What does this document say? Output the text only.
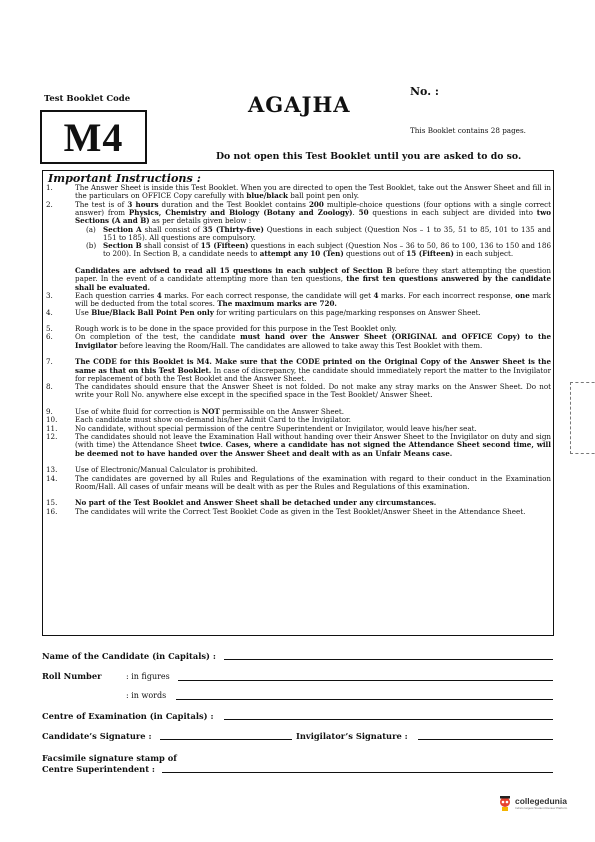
Test Booklet Code
M4
AGAJHA
No. :
This Booklet contains 28 pages.
Do not open this Test Booklet until you are asked to do so.
1.	The Answer Sheet is inside this Test Booklet. When you are directed to open the Test Booklet, take out the Answer Sheet and fill in the particulars on OFFICE Copy carefully with blue/black ball point pen only.
2.	The test is of 3 hours duration and the Test Booklet contains 200 multiple-choice questions (four options with a single correct answer) from Physics, Chemistry and Biology (Botany and Zoology). 50 questions in each subject are divided into two Sections (A and B) as per details given below :
(a) Section A shall consist of 35 (Thirty-five) Questions in each subject (Question Nos – 1 to 35, 51 to 85, 101 to 135 and 151 to 185). All questions are compulsory.
(b) Section B shall consist of 15 (Fifteen) questions in each subject (Question Nos – 36 to 50, 86 to 100, 136 to 150 and 186 to 200). In Section B, a candidate needs to attempt any 10 (Ten) questions out of 15 (Fifteen) in each subject.
Candidates are advised to read all 15 questions in each subject of Section B before they start attempting the question paper. In the event of a candidate attempting more than ten questions, the first ten questions answered by the candidate shall be evaluated.
3.	Each question carries 4 marks. For each correct response, the candidate will get 4 marks. For each incorrect response, one mark will be deducted from the total scores. The maximum marks are 720.
4.	Use Blue/Black Ball Point Pen only for writing particulars on this page/marking responses on Answer Sheet.
5.	Rough work is to be done in the space provided for this purpose in the Test Booklet only.
6.	On completion of the test, the candidate must hand over the Answer Sheet (ORIGINAL and OFFICE Copy) to the Invigilator before leaving the Room/Hall. The candidates are allowed to take away this Test Booklet with them.
7.	The CODE for this Booklet is M4. Make sure that the CODE printed on the Original Copy of the Answer Sheet is the same as that on this Test Booklet. In case of discrepancy, the candidate should immediately report the matter to the Invigilator for replacement of both the Test Booklet and the Answer Sheet.
8.	The candidates should ensure that the Answer Sheet is not folded. Do not make any stray marks on the Answer Sheet. Do not write your Roll No. anywhere else except in the specified space in the Test Booklet/ Answer Sheet.
9.	Use of white fluid for correction is NOT permissible on the Answer Sheet.
10. Each candidate must show on-demand his/her Admit Card to the Invigilator.
11. No candidate, without special permission of the centre Superintendent or Invigilator, would leave his/her seat.
12. The candidates should not leave the Examination Hall without handing over their Answer Sheet to the Invigilator on duty and sign (with time) the Attendance Sheet twice. Cases, where a candidate has not signed the Attendance Sheet second time, will be deemed not to have handed over the Answer Sheet and dealt with as an Unfair Means case.
13. Use of Electronic/Manual Calculator is prohibited.
14. The candidates are governed by all Rules and Regulations of the examination with regard to their conduct in the Examination Room/Hall. All cases of unfair means will be dealt with as per the Rules and Regulations of this examination.
15. No part of the Test Booklet and Answer Sheet shall be detached under any circumstances.
16. The candidates will write the Correct Test Booklet Code as given in the Test Booklet/Answer Sheet in the Attendance Sheet.
Important Instructions :
Name of the Candidate (in Capitals) :
Roll Number	: in figures
: in words
Centre of Examination (in Capitals) :
Candidate’s Signature :	Invigilator’s Signature :
Facsimile signature stamp of
Centre Superintendent :
collegedunia
India's largest Student Review Platform
